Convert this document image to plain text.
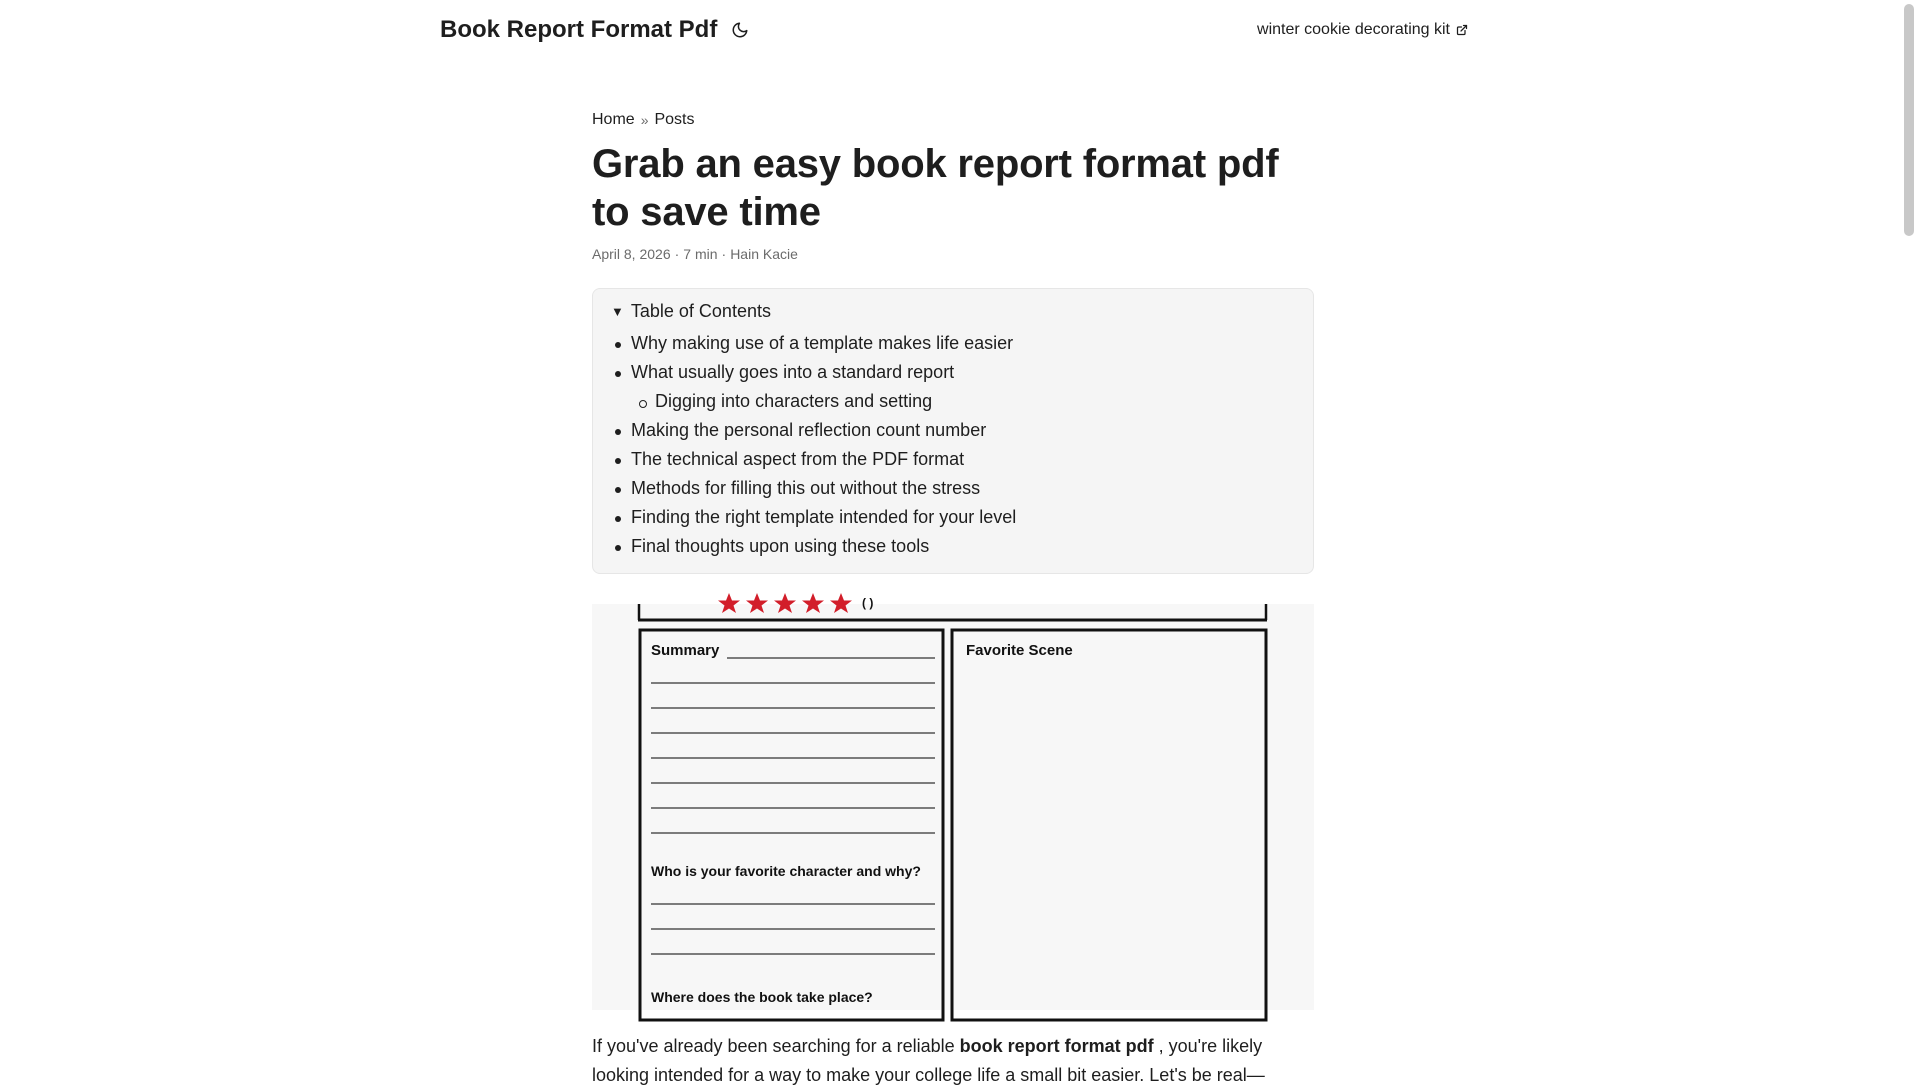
Book Report Format Pdf	winter cookie decorating kit
Home » Posts
Grab an easy book report format pdf to save time
April 8, 2026 · 7 min · Hain Kacie
▼ Table of Contents
Why making use of a template makes life easier
What usually goes into a standard report
Digging into characters and setting
Making the personal reflection count number
The technical aspect from the PDF format
Methods for filling this out without the stress
Finding the right template intended for your level
Final thoughts upon using these tools
( )
Summary
Who is your favorite character and why?
Where does the book take place?
Favorite Scene

If you've already been searching for a reliable book report format pdf , you're likely looking intended for a way to make your college life a small bit easier. Let's be real—
